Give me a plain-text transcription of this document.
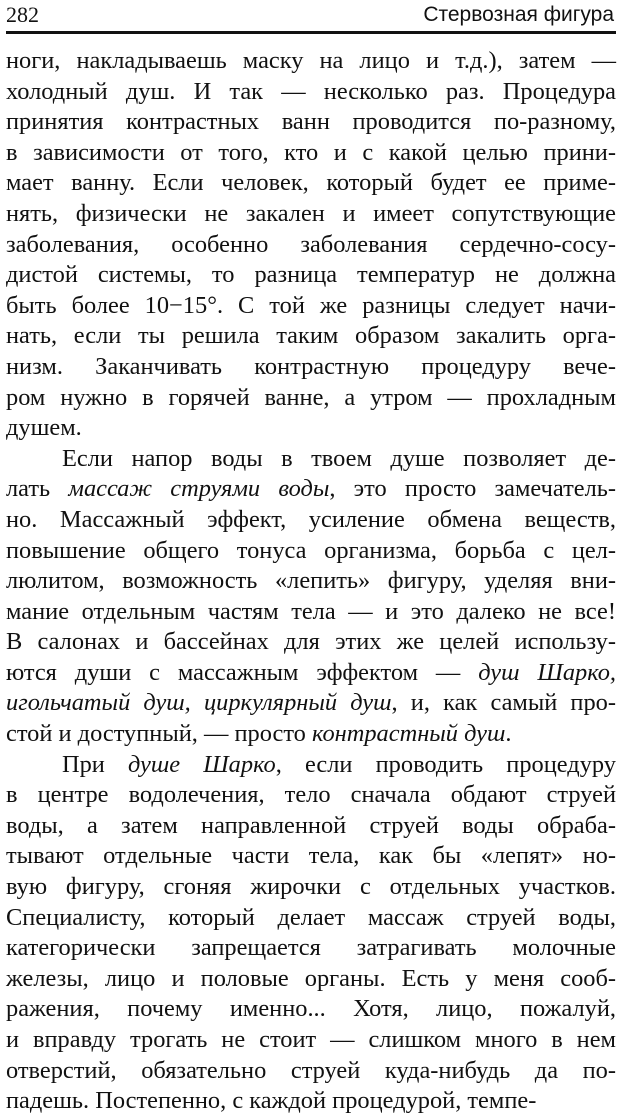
282	Стервозная фигура
ноги, накладываешь маску на лицо и т.д.), затем —
холодный душ. И так — несколько раз. Процедура
принятия контрастных ванн проводится по-разному,
в зависимости от того, кто и с какой целью прини-
мает ванну. Если человек, который будет ее приме-
нять, физически не закален и имеет сопутствующие
заболевания, особенно заболевания сердечно-сосу-
дистой системы, то разница температур не должна
быть более 10−15°. С той же разницы следует начи-
нать, если ты решила таким образом закалить орга-
низм. Заканчивать контрастную процедуру вече-
ром нужно в горячей ванне, а утром — прохладным
душем.
Если напор воды в твоем душе позволяет де-
лать массаж струями воды, это просто замечатель-
но. Массажный эффект, усиление обмена веществ,
повышение общего тонуса организма, борьба с цел-
люлитом, возможность «лепить» фигуру, уделяя вни-
мание отдельным частям тела — и это далеко не все!
В салонах и бассейнах для этих же целей использу-
ются души с массажным эффектом — душ Шарко,
игольчатый душ, циркулярный душ, и, как самый про-
стой и доступный, — просто контрастный душ.
При душе Шарко, если проводить процедуру
в центре водолечения, тело сначала обдают струей
воды, а затем направленной струей воды обраба-
тывают отдельные части тела, как бы «лепят» но-
вую фигуру, сгоняя жирочки с отдельных участков.
Специалисту, который делает массаж струей воды,
категорически запрещается затрагивать молочные
железы, лицо и половые органы. Есть у меня сооб-
ражения, почему именно... Хотя, лицо, пожалуй,
и вправду трогать не стоит — слишком много в нем
отверстий, обязательно струей куда-нибудь да по-
падешь. Постепенно, с каждой процедурой, темпе-
